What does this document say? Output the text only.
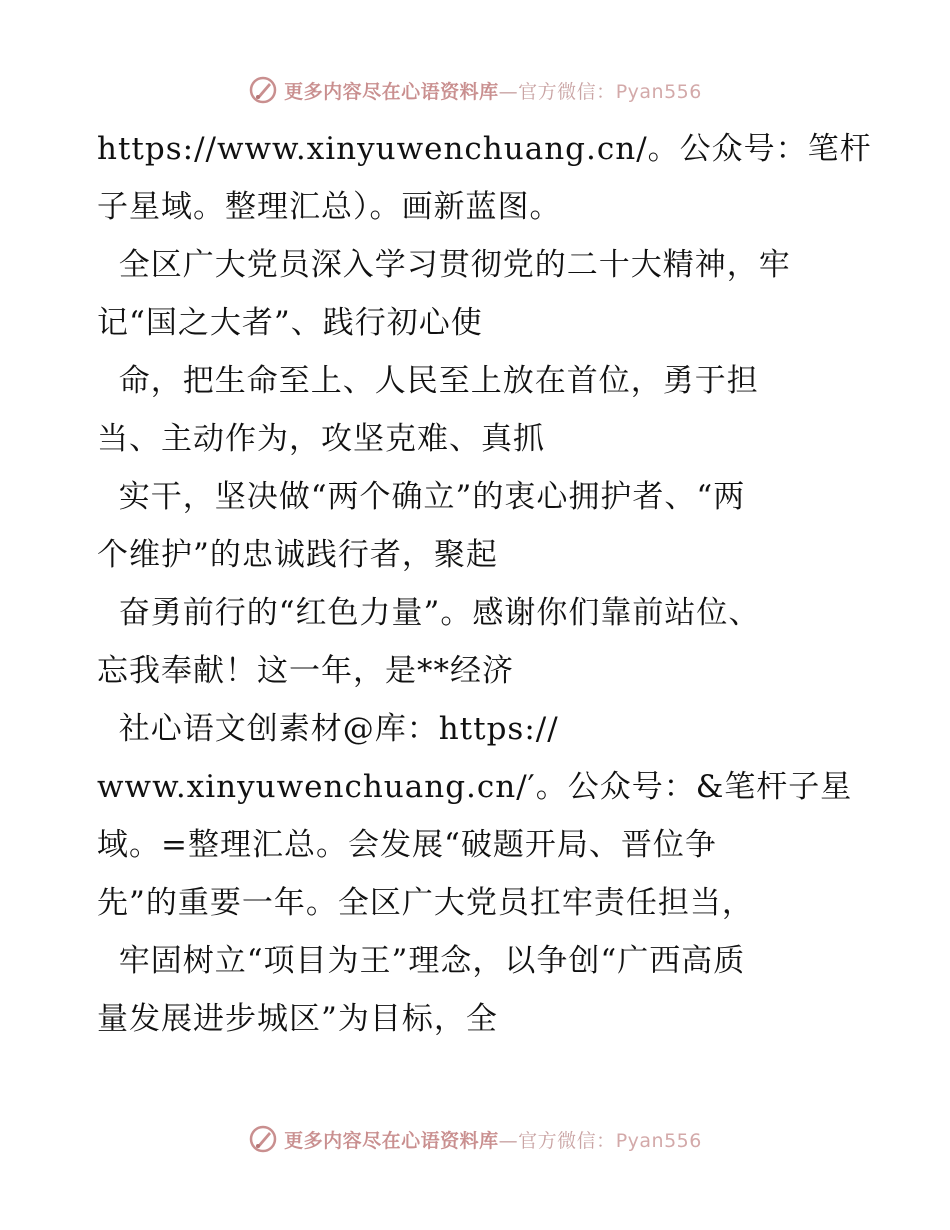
更多内容尽在心语资料库—官方微信：Pyan556
https://www.xinyuwenchuang.cn/。公众号：笔杆
子星域。整理汇总）。画新蓝图。
全区广大党员深入学习贯彻党的二十大精神，牢
记“国之大者”、践行初心使
命，把生命至上、人民至上放在首位，勇于担
当、主动作为，攻坚克难、真抓
实干，坚决做“两个确立”的衷心拥护者、“两
个维护”的忠诚践行者，聚起
奋勇前行的“红色力量”。感谢你们靠前站位、
忘我奉献！这一年，是**经济
社心语文创素材@库：https://
www.xinyuwenchuang.cn/′。公众号：&笔杆子星
域。=整理汇总。会发展“破题开局、晋位争
先”的重要一年。全区广大党员扛牢责任担当，
牢固树立“项目为王”理念，以争创“广西高质
量发展进步城区”为目标，全
更多内容尽在心语资料库—官方微信：Pyan556
